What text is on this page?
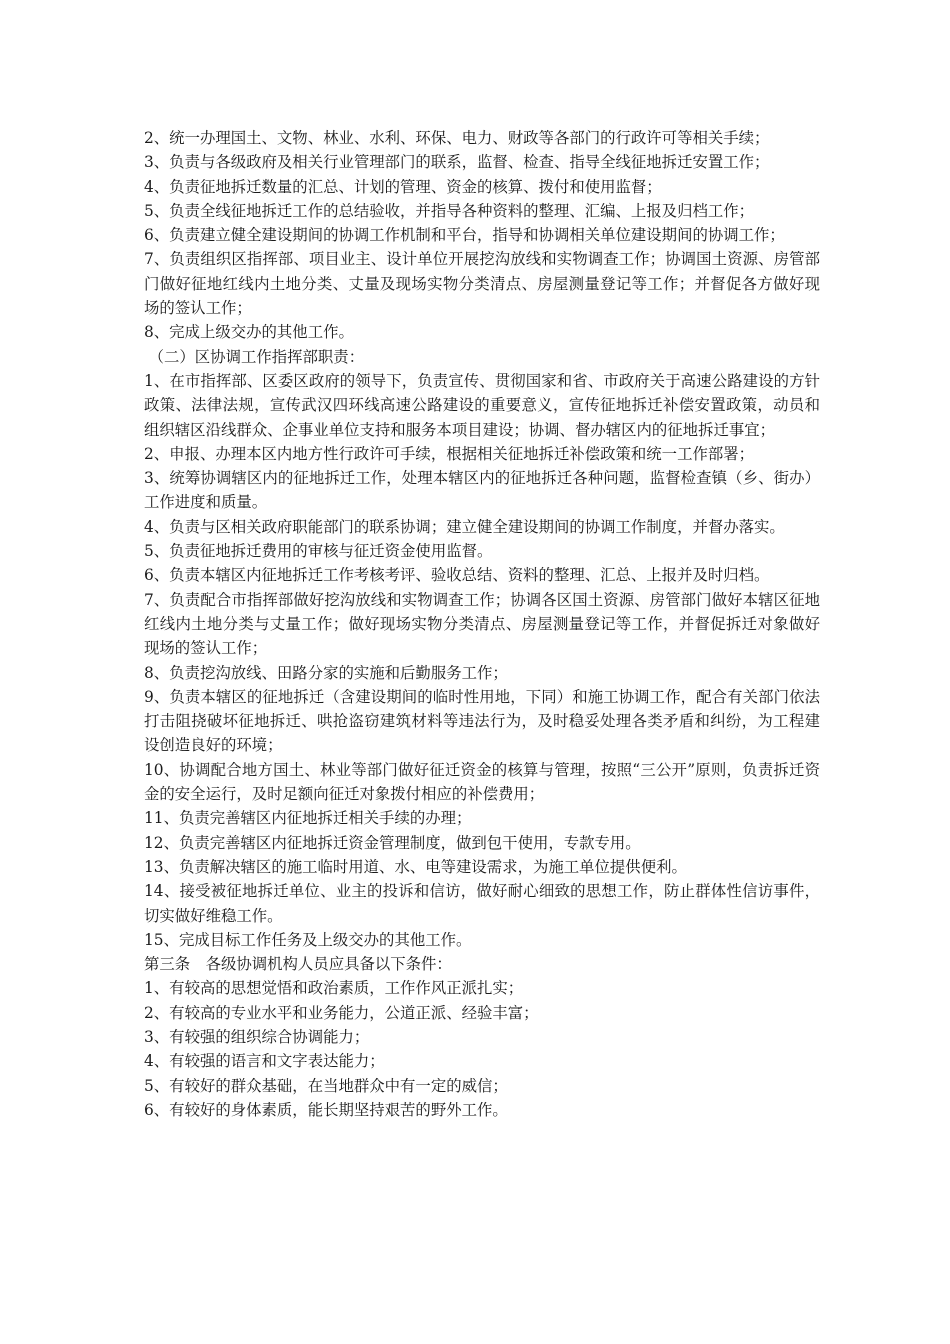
2、统一办理国土、文物、林业、水利、环保、电力、财政等各部门的行政许可等相关手续；

3、负责与各级政府及相关行业管理部门的联系，监督、检查、指导全线征地拆迁安置工作；

4、负责征地拆迁数量的汇总、计划的管理、资金的核算、拨付和使用监督；

5、负责全线征地拆迁工作的总结验收，并指导各种资料的整理、汇编、上报及归档工作；

6、负责建立健全建设期间的协调工作机制和平台，指导和协调相关单位建设期间的协调工作；

7、负责组织区指挥部、项目业主、设计单位开展挖沟放线和实物调查工作；协调国土资源、房管部门做好征地红线内土地分类、丈量及现场实物分类清点、房屋测量登记等工作；并督促各方做好现场的签认工作；

8、完成上级交办的其他工作。

（二）区协调工作指挥部职责：

1、在市指挥部、区委区政府的领导下，负责宣传、贯彻国家和省、市政府关于高速公路建设的方针政策、法律法规，宣传武汉四环线高速公路建设的重要意义，宣传征地拆迁补偿安置政策，动员和组织辖区沿线群众、企事业单位支持和服务本项目建设；协调、督办辖区内的征地拆迁事宜；

2、申报、办理本区内地方性行政许可手续，根据相关征地拆迁补偿政策和统一工作部署；

3、统筹协调辖区内的征地拆迁工作，处理本辖区内的征地拆迁各种问题，监督检查镇（乡、街办）工作进度和质量。

4、负责与区相关政府职能部门的联系协调；建立健全建设期间的协调工作制度，并督办落实。

5、负责征地拆迁费用的审核与征迁资金使用监督。

6、负责本辖区内征地拆迁工作考核考评、验收总结、资料的整理、汇总、上报并及时归档。

7、负责配合市指挥部做好挖沟放线和实物调查工作；协调各区国土资源、房管部门做好本辖区征地红线内土地分类与丈量工作；做好现场实物分类清点、房屋测量登记等工作，并督促拆迁对象做好现场的签认工作；

8、负责挖沟放线、田路分家的实施和后勤服务工作；

9、负责本辖区的征地拆迁（含建设期间的临时性用地，下同）和施工协调工作，配合有关部门依法打击阻挠破坏征地拆迁、哄抢盗窃建筑材料等违法行为，及时稳妥处理各类矛盾和纠纷，为工程建设创造良好的环境；

10、协调配合地方国土、林业等部门做好征迁资金的核算与管理，按照“三公开”原则，负责拆迁资金的安全运行，及时足额向征迁对象拨付相应的补偿费用；

11、负责完善辖区内征地拆迁相关手续的办理；

12、负责完善辖区内征地拆迁资金管理制度，做到包干使用，专款专用。

13、负责解决辖区的施工临时用道、水、电等建设需求，为施工单位提供便利。

14、接受被征地拆迁单位、业主的投诉和信访，做好耐心细致的思想工作，防止群体性信访事件，切实做好维稳工作。

15、完成目标工作任务及上级交办的其他工作。

第三条　各级协调机构人员应具备以下条件：

1、有较高的思想觉悟和政治素质，工作作风正派扎实；

2、有较高的专业水平和业务能力，公道正派、经验丰富；

3、有较强的组织综合协调能力；

4、有较强的语言和文字表达能力；

5、有较好的群众基础，在当地群众中有一定的威信；

6、有较好的身体素质，能长期坚持艰苦的野外工作。
